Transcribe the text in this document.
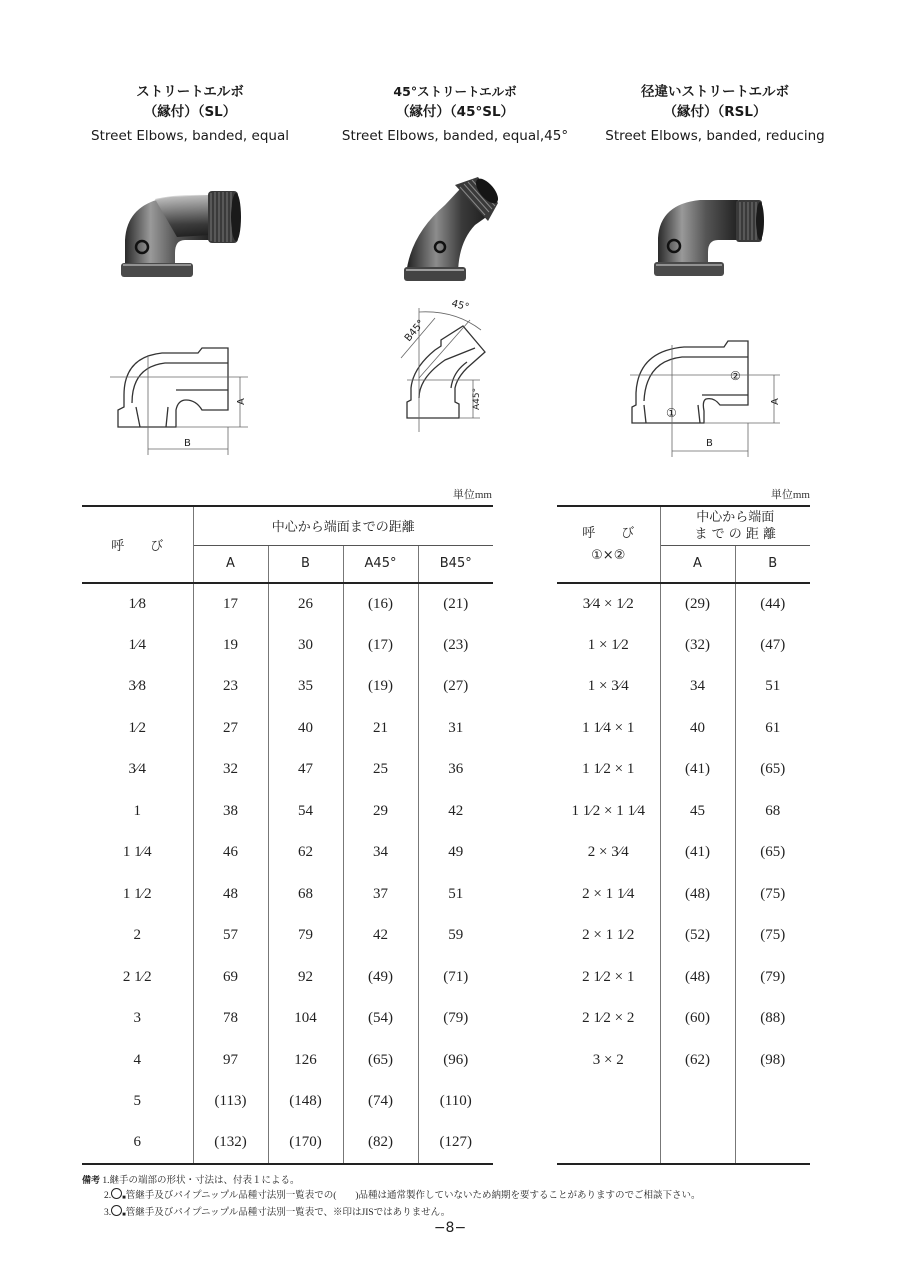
ストリートエルボ
（縁付）（SL）
Street Elbows, banded, equal
45°ストリートエルボ
（縁付）（45°SL）
Street Elbows, banded, equal,45°
径違いストリートエルボ
（縁付）（RSL）
Street Elbows, banded, reducing
A
B
45°
B45°
A45°
②
①
A
B
単位mm	単位mm
呼　　び	中心から端面までの距離			
	A	B	A45°	B45°
1⁄8	17	26	(16)	(21)
1⁄4	19	30	(17)	(23)
3⁄8	23	35	(19)	(27)
1⁄2	27	40	21	31
3⁄4	32	47	25	36
1	38	54	29	42
1 1⁄4	46	62	34	49
1 1⁄2	48	68	37	51
2	57	79	42	59
2 1⁄2	69	92	(49)	(71)
3	78	104	(54)	(79)
4	97	126	(65)	(96)
5	(113)	(148)	(74)	(110)
6	(132)	(170)	(82)	(127)
呼　　び
①×②

中心から端面
ま で の 距 離

	A	B
3⁄4 × 1⁄2	(29)	(44)
1 × 1⁄2	(32)	(47)
1 × 3⁄4	34	51
1 1⁄4 × 1	40	61
1 1⁄2 × 1	(41)	(65)
1 1⁄2 × 1 1⁄4	45	68
2 × 3⁄4	(41)	(65)
2 × 1 1⁄4	(48)	(75)
2 × 1 1⁄2	(52)	(75)
2 1⁄2 × 1	(48)	(79)
2 1⁄2 × 2	(60)	(88)
3 × 2	(62)	(98)

備考 1.継手の端部の形状・寸法は、付表１による。
2. ■管継手及びパイプニップル品種寸法別一覧表での(　　)品種は通常製作していないため納期を要することがありますのでご相談下さい。
3. ■管継手及びパイプニップル品種寸法別一覧表で、※印はJISではありません。
−8−
